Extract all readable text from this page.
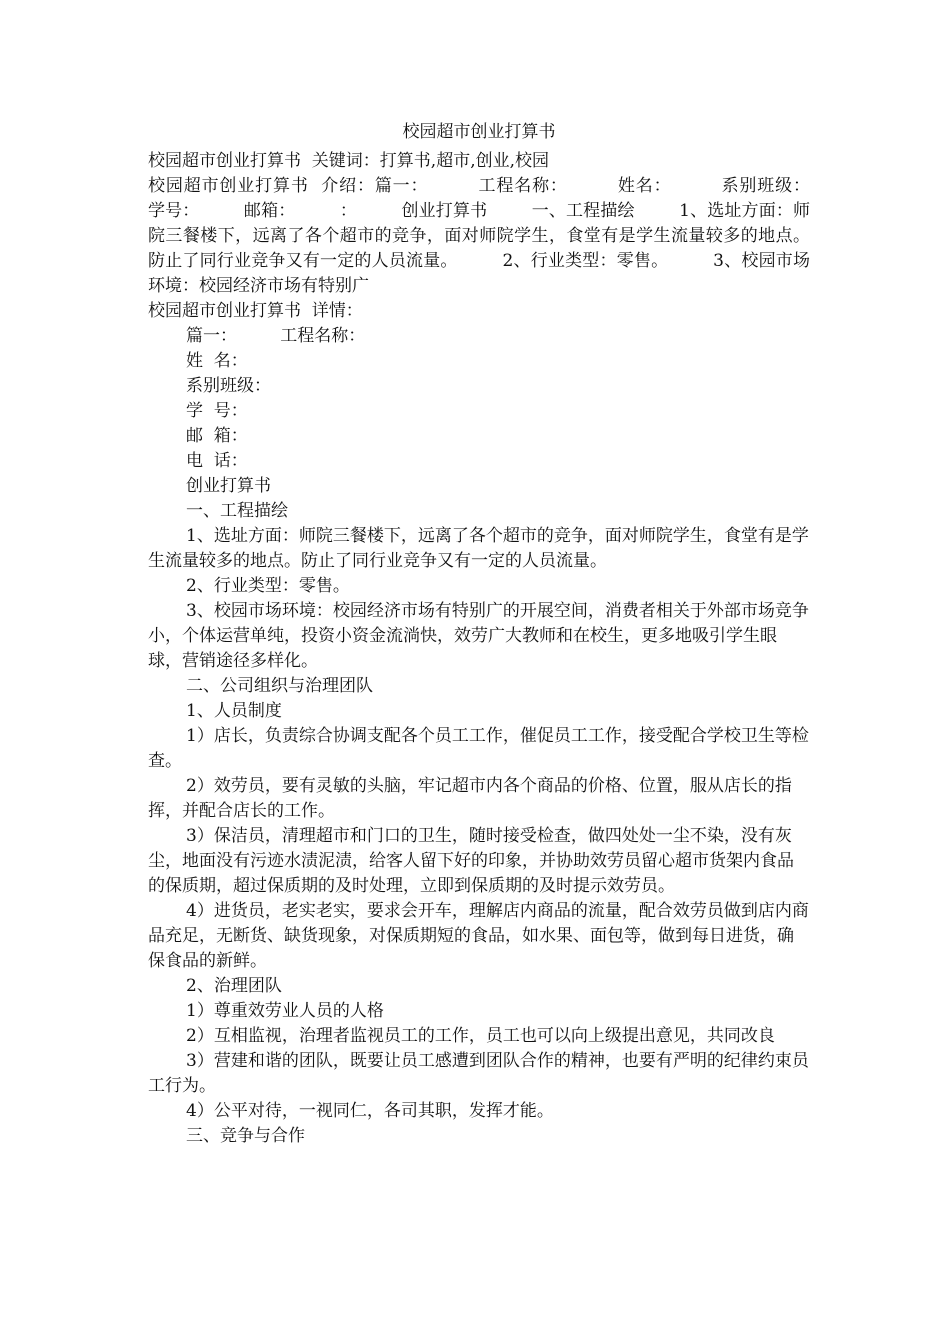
校园超市创业打算书

校园超市创业打算书  关键词：打算书,超市,创业,校园

校园超市创业打算书  介绍：篇一：        工程名称：        姓名：        系别班级：        学号：        邮箱：        ：        创业打算书        一、工程描绘        1、选址方面：师院三餐楼下，远离了各个超市的竞争，面对师院学生，食堂有是学生流量较多的地点。防止了同行业竞争又有一定的人员流量。        2、行业类型：零售。        3、校园市场环境：校园经济市场有特别广

校园超市创业打算书  详情：

篇一：        工程名称：

姓  名：

系别班级：

学  号：

邮  箱：

电  话：

创业打算书

一、工程描绘

1、选址方面：师院三餐楼下，远离了各个超市的竞争，面对师院学生，食堂有是学生流量较多的地点。防止了同行业竞争又有一定的人员流量。

2、行业类型：零售。

3、校园市场环境：校园经济市场有特别广的开展空间，消费者相关于外部市场竞争小，个体运营单纯，投资小资金流淌快，效劳广大教师和在校生，更多地吸引学生眼球，营销途径多样化。

二、公司组织与治理团队

1、人员制度

1）店长，负责综合协调支配各个员工工作，催促员工工作，接受配合学校卫生等检查。

2）效劳员，要有灵敏的头脑，牢记超市内各个商品的价格、位置，服从店长的指挥，并配合店长的工作。

3）保洁员，清理超市和门口的卫生，随时接受检查，做四处处一尘不染，没有灰尘，地面没有污迹水渍泥渍，给客人留下好的印象，并协助效劳员留心超市货架内食品的保质期，超过保质期的及时处理，立即到保质期的及时提示效劳员。

4）进货员，老实老实，要求会开车，理解店内商品的流量，配合效劳员做到店内商品充足，无断货、缺货现象，对保质期短的食品，如水果、面包等，做到每日进货，确保食品的新鲜。

2、治理团队

1）尊重效劳业人员的人格

2）互相监视，治理者监视员工的工作，员工也可以向上级提出意见，共同改良

3）营建和谐的团队，既要让员工感遭到团队合作的精神，也要有严明的纪律约束员工行为。

4）公平对待，一视同仁，各司其职，发挥才能。

三、竞争与合作
